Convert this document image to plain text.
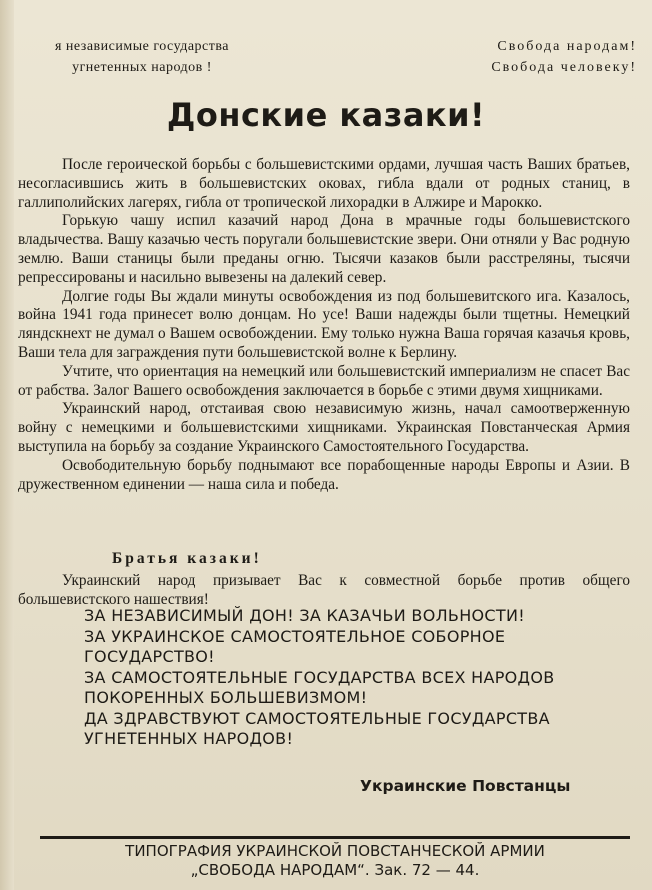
я независимые государства
угнетенных народов !
Свобода народам!
Свобода человеку!
Донские казаки!

После героической борьбы с большевистскими ордами, лучшая часть Ваших братьев, несогласившись жить в большевистских оковах, гибла вдали от родных станиц, в галлиполийских лагерях, гибла от тропической лихорадки в Алжире и Марокко.

Горькую чашу испил казачий народ Дона в мрачные годы большевистского владычества. Вашу казачью честь поругали большевистские звери. Они отняли у Вас родную землю. Ваши станицы были преданы огню. Тысячи казаков были расстреляны, тысячи репрессированы и насильно вывезены на далекий север.

Долгие годы Вы ждали минуты освобождения из под большевитского ига. Казалось, война 1941 года принесет волю донцам. Но усе! Ваши надежды были тщетны. Немецкий ляндскнехт не думал о Вашем освобождении. Ему только нужна Ваша горячая казачья кровь, Ваши тела для заграждения пути большевистской волне к Берлину.

Учтите, что ориентация на немецкий или большевистский империализм не спасет Вас от рабства. Залог Вашего освобождения заключается в борьбе с этими двумя хищниками.

Украинский народ, отстаивая свою независимую жизнь, начал самоотверженную войну с немецкими и большевистскими хищниками. Украинская Повстанческая Армия выступила на борьбу за создание Украинского Самостоятельного Государства.

Освободительную борьбу поднымают все порабощенные народы Европы и Азии. В дружественном единении — наша сила и победа.

Братья казаки!

Украинский народ призывает Вас к совместной борьбе против общего большевистского нашествия!

ЗА НЕЗАВИСИМЫЙ ДОН! ЗА КАЗАЧЬИ ВОЛЬНОСТИ!
ЗА УКРАИНСКОЕ САМОСТОЯТЕЛЬНОЕ СОБОРНОЕ ГОСУДАРСТВО!
ЗА САМОСТОЯТЕЛЬНЫЕ ГОСУДАРСТВА ВСЕХ НАРОДОВ ПОКОРЕННЫХ БОЛЬШЕВИЗМОМ!
ДА ЗДРАВСТВУЮТ САМОСТОЯТЕЛЬНЫЕ ГОСУДАРСТВА УГНЕТЕННЫХ НАРОДОВ!
Украинские Повстанцы
ТИПОГРАФИЯ УКРАИНСКОЙ ПОВСТАНЧЕСКОЙ АРМИИ
„СВОБОДА НАРОДАМ“. Зак. 72 — 44.
